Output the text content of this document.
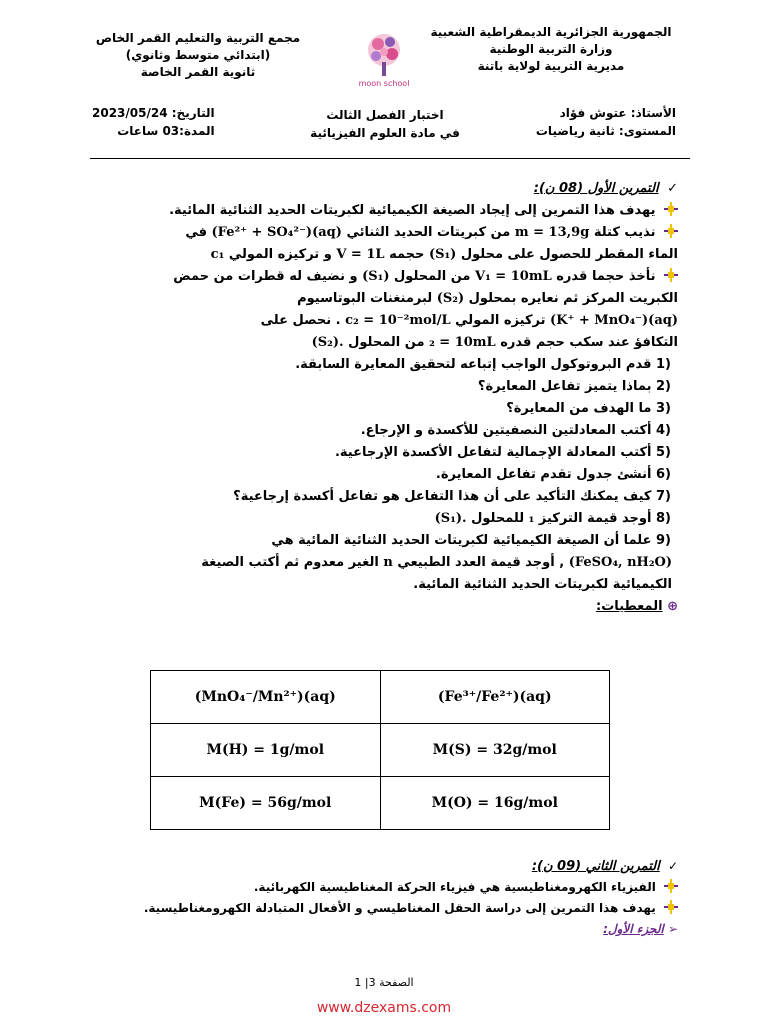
الجمهورية الجزائرية الديمقراطية الشعبية
وزارة التربية الوطنية
مديرية التربية لولاية باتنة
moon school
مجمع التربية والتعليم القمر الخاص
(ابتدائي متوسط وثانوي)
ثانوية القمر الخاصة
الأستاذ: عتوش فؤاد
المستوى: ثانية رياضيات
اختبار الفصل الثالث
في مادة العلوم الفيزيائية
التاريخ: 2023/05/24
المدة:03 ساعات
✓ التمرين الأول (08 ن):
يهدف هذا التمرين إلى إيجاد الصيغة الكيميائية لكبريتات الحديد الثنائية المائية.
نذيب كتلة m = 13,9g من كبريتات الحديد الثنائي (Fe²⁺ + SO₄²⁻)(aq) في
الماء المقطر للحصول على محلول (S₁) حجمه V = 1L و تركيزه المولي c₁
نأخذ حجما قدره V₁ = 10mL من المحلول (S₁) و نضيف له قطرات من حمض
الكبريت المركز ثم نعايره بمحلول (S₂) لبرمنغنات البوتاسيوم
(K⁺ + MnO₄⁻)(aq) تركيزه المولي c₂ = 10⁻²mol/L . نحصل على
التكافؤ عند سكب حجم قدره ₂ = 10mL من المحلول (S₂).
1) قدم البروتوكول الواجب إتباعه لتحقيق المعايرة السابقة.
2) بماذا يتميز تفاعل المعايرة؟
3) ما الهدف من المعايرة؟
4) أكتب المعادلتين النصفيتين للأكسدة و الإرجاع.
5) أكتب المعادلة الإجمالية لتفاعل الأكسدة الإرجاعية.
6) أنشئ جدول تقدم تفاعل المعايرة.
7) كيف يمكنك التأكيد على أن هذا التفاعل هو تفاعل أكسدة إرجاعية؟
8) أوجد قيمة التركيز ₁ للمحلول (S₁).
9) علما أن الصيغة الكيميائية لكبريتات الحديد الثنائية المائية هي
(FeSO₄, nH₂O) , أوجد قيمة العدد الطبيعي n الغير معدوم ثم أكتب الصيغة
الكيميائية لكبريتات الحديد الثنائية المائية.
⊕ المعطيات:
(MnO₄⁻/Mn²⁺)(aq)	(Fe³⁺/Fe²⁺)(aq)
M(H) = 1g/mol	M(S) = 32g/mol
M(Fe) = 56g/mol	M(O) = 16g/mol
✓ التمرين الثاني (09 ن):
الفيزياء الكهرومغناطيسية هي فيزياء الحركة المغناطيسية الكهربائية.
يهدف هذا التمرين إلى دراسة الحقل المغناطيسي و الأفعال المتبادلة الكهرومغناطيسية.
➢ الجزء الأول:
الصفحة 3| 1
www.dzexams.com
